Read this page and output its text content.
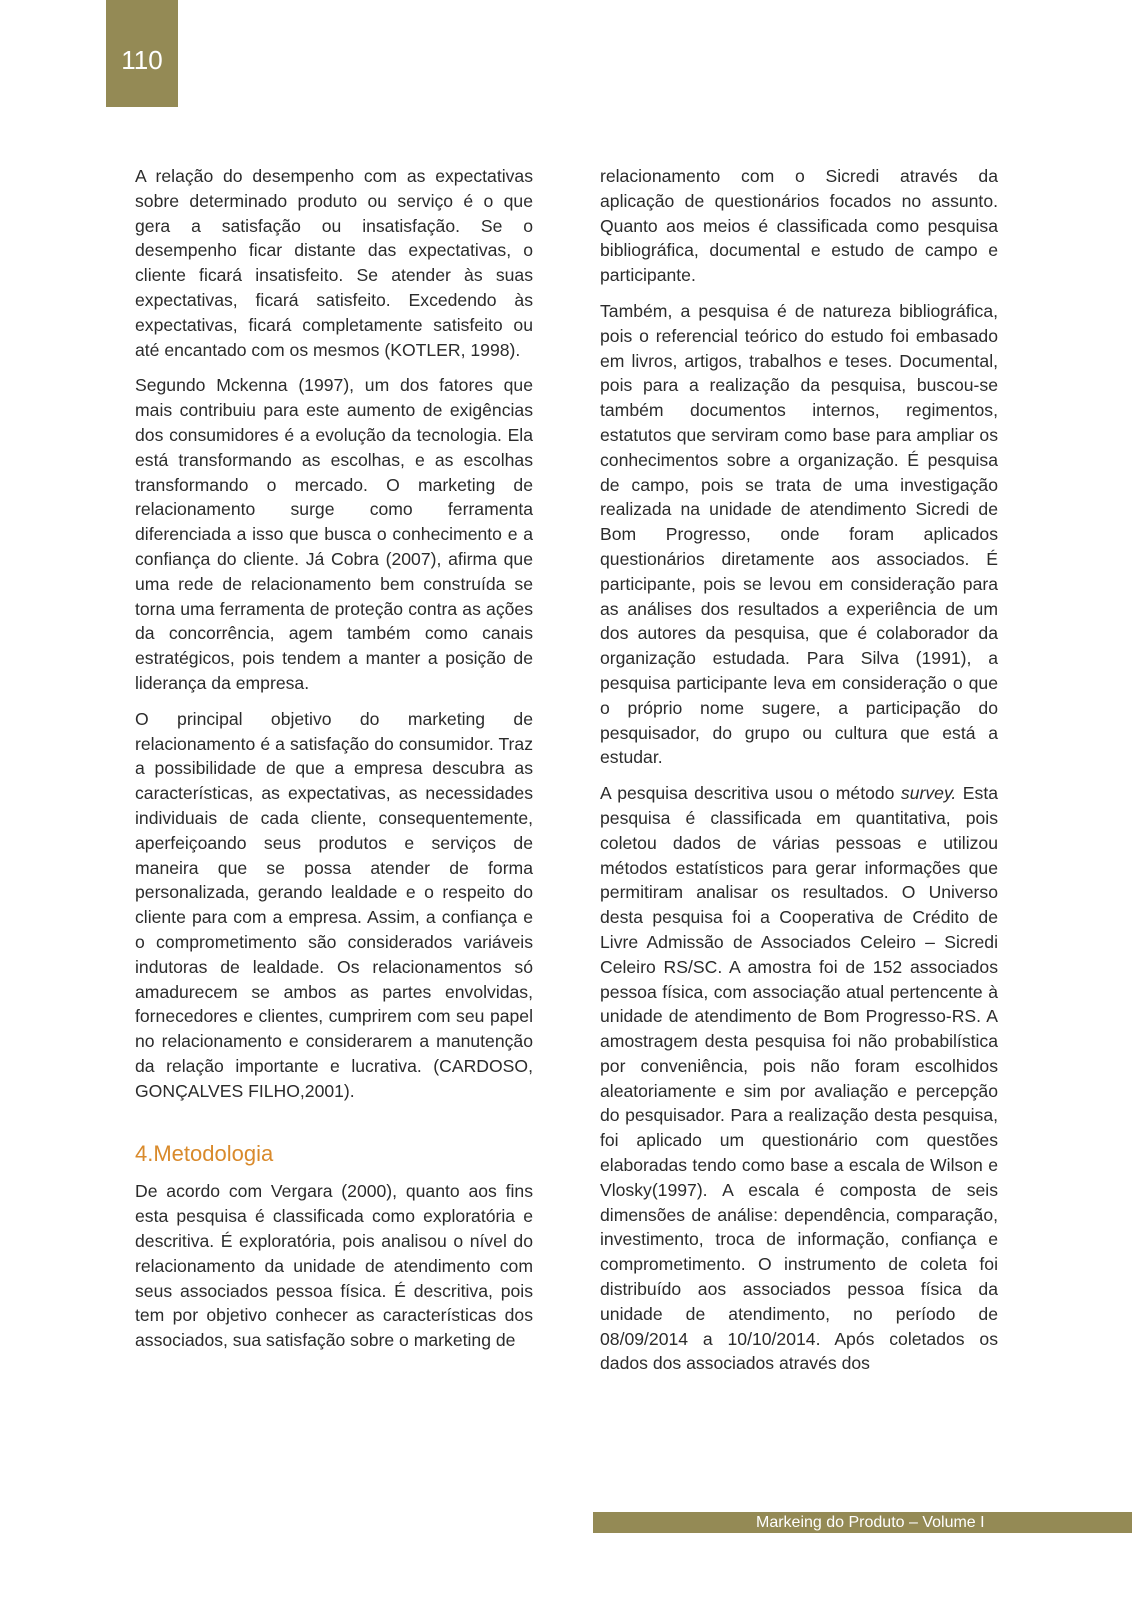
110

A relação do desempenho com as expectativas sobre determinado produto ou serviço é o que gera a satisfação ou insatisfação. Se o desempenho ficar distante das expectativas, o cliente ficará insatisfeito. Se atender às suas expectativas, ficará satisfeito. Excedendo às expectativas, ficará completamente satisfeito ou até encantado com os mesmos (KOTLER, 1998).

Segundo Mckenna (1997), um dos fatores que mais contribuiu para este aumento de exigências dos consumidores é a evolução da tecnologia. Ela está transformando as escolhas, e as escolhas transformando o mercado. O marketing de relacionamento surge como ferramenta diferenciada a isso que busca o conhecimento e a confiança do cliente. Já Cobra (2007), afirma que uma rede de relacionamento bem construída se torna uma ferramenta de proteção contra as ações da concorrência, agem também como canais estratégicos, pois tendem a manter a posição de liderança da empresa.

O principal objetivo do marketing de relacionamento é a satisfação do consumidor. Traz a possibilidade de que a empresa descubra as características, as expectativas, as necessidades individuais de cada cliente, consequentemente, aperfeiçoando seus produtos e serviços de maneira que se possa atender de forma personalizada, gerando lealdade e o respeito do cliente para com a empresa. Assim, a confiança e o comprometimento são considerados variáveis indutoras de lealdade. Os relacionamentos só amadurecem se ambos as partes envolvidas, fornecedores e clientes, cumprirem com seu papel no relacionamento e considerarem a manutenção da relação importante e lucrativa. (CARDOSO, GONÇALVES FILHO,2001).

4.Metodologia

De acordo com Vergara (2000), quanto aos fins esta pesquisa é classificada como exploratória e descritiva. É exploratória, pois analisou o nível do relacionamento da unidade de atendimento com seus associados pessoa física. É descritiva, pois tem por objetivo conhecer as características dos associados, sua satisfação sobre o marketing de

relacionamento com o Sicredi através da aplicação de questionários focados no assunto. Quanto aos meios é classificada como pesquisa bibliográfica, documental e estudo de campo e participante.

Também, a pesquisa é de natureza bibliográfica, pois o referencial teórico do estudo foi embasado em livros, artigos, trabalhos e teses. Documental, pois para a realização da pesquisa, buscou-se também documentos internos, regimentos, estatutos que serviram como base para ampliar os conhecimentos sobre a organização. É pesquisa de campo, pois se trata de uma investigação realizada na unidade de atendimento Sicredi de Bom Progresso, onde foram aplicados questionários diretamente aos associados. É participante, pois se levou em consideração para as análises dos resultados a experiência de um dos autores da pesquisa, que é colaborador da organização estudada. Para Silva (1991), a pesquisa participante leva em consideração o que o próprio nome sugere, a participação do pesquisador, do grupo ou cultura que está a estudar.

A pesquisa descritiva usou o método survey. Esta pesquisa é classificada em quantitativa, pois coletou dados de várias pessoas e utilizou métodos estatísticos para gerar informações que permitiram analisar os resultados. O Universo desta pesquisa foi a Cooperativa de Crédito de Livre Admissão de Associados Celeiro – Sicredi Celeiro RS/SC. A amostra foi de 152 associados pessoa física, com associação atual pertencente à unidade de atendimento de Bom Progresso-RS. A amostragem desta pesquisa foi não probabilística por conveniência, pois não foram escolhidos aleatoriamente e sim por avaliação e percepção do pesquisador. Para a realização desta pesquisa, foi aplicado um questionário com questões elaboradas tendo como base a escala de Wilson e Vlosky(1997). A escala é composta de seis dimensões de análise: dependência, comparação, investimento, troca de informação, confiança e comprometimento. O instrumento de coleta foi distribuído aos associados pessoa física da unidade de atendimento, no período de 08/09/2014 a 10/10/2014. Após coletados os dados dos associados através dos

Markeing do Produto – Volume I
